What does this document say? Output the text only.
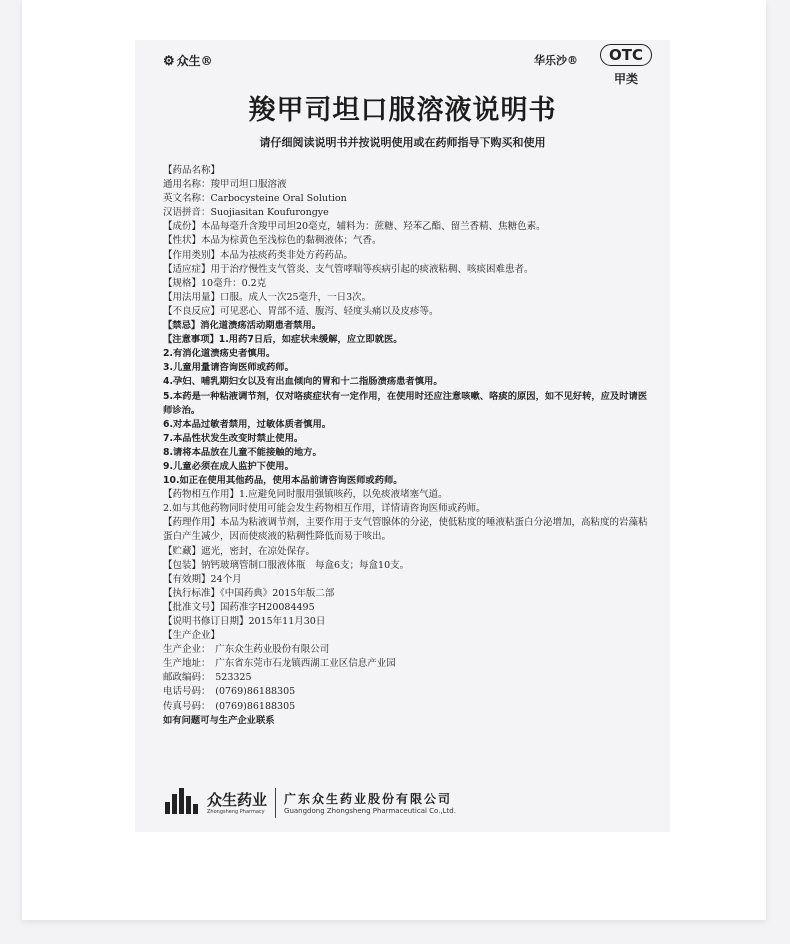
⚙ 众生®	华乐沙®	OTC
甲类
羧甲司坦口服溶液说明书
请仔细阅读说明书并按说明使用或在药师指导下购买和使用
【药品名称】
通用名称：羧甲司坦口服溶液
英文名称：Carbocysteine Oral Solution
汉语拼音：Suojiasitan Koufurongye
【成份】本品每毫升含羧甲司坦20毫克，辅料为：蔗糖、羟苯乙酯、留兰香精、焦糖色素。
【性状】本品为棕黄色至浅棕色的黏稠液体；气香。
【作用类别】本品为祛痰药类非处方药药品。
【适应症】用于治疗慢性支气管炎、支气管哮喘等疾病引起的痰液粘稠、咳痰困难患者。
【规格】10毫升：0.2克
【用法用量】口服。成人一次25毫升，一日3次。
【不良反应】可见恶心、胃部不适、腹泻、轻度头痛以及皮疹等。
【禁忌】消化道溃疡活动期患者禁用。
【注意事项】1.用药7日后，如症状未缓解，应立即就医。
2.有消化道溃疡史者慎用。
3.儿童用量请咨询医师或药师。
4.孕妇、哺乳期妇女以及有出血倾向的胃和十二指肠溃疡患者慎用。
5.本药是一种粘液调节剂，仅对咯痰症状有一定作用，在使用时还应注意咳嗽、咯痰的原因，如不见好转，应及时请医师诊治。
6.对本品过敏者禁用，过敏体质者慎用。
7.本品性状发生改变时禁止使用。
8.请将本品放在儿童不能接触的地方。
9.儿童必须在成人监护下使用。
10.如正在使用其他药品，使用本品前请咨询医师或药师。
【药物相互作用】1.应避免同时服用强镇咳药，以免痰液堵塞气道。
2.如与其他药物同时使用可能会发生药物相互作用，详情请咨询医师或药师。
【药理作用】本品为粘液调节剂，主要作用于支气管腺体的分泌，使低粘度的唾液粘蛋白分泌增加，高粘度的岩藻粘蛋白产生减少，因而使痰液的粘稠性降低而易于咳出。
【贮藏】遮光，密封，在凉处保存。
【包装】钠钙玻璃管制口服液体瓶　每盒6支；每盒10支。
【有效期】24个月
【执行标准】《中国药典》2015年版二部
【批准文号】国药准字H20084495
【说明书修订日期】2015年11月30日
【生产企业】
生产企业：　广东众生药业股份有限公司
生产地址：　广东省东莞市石龙镇西湖工业区信息产业园
邮政编码：　523325
电话号码：　(0769)86188305
传真号码：　(0769)86188305
如有问题可与生产企业联系
众生药业
Zhongsheng Pharmacy
广东众生药业股份有限公司
Guangdong Zhongsheng Pharmaceutical Co.,Ltd.
